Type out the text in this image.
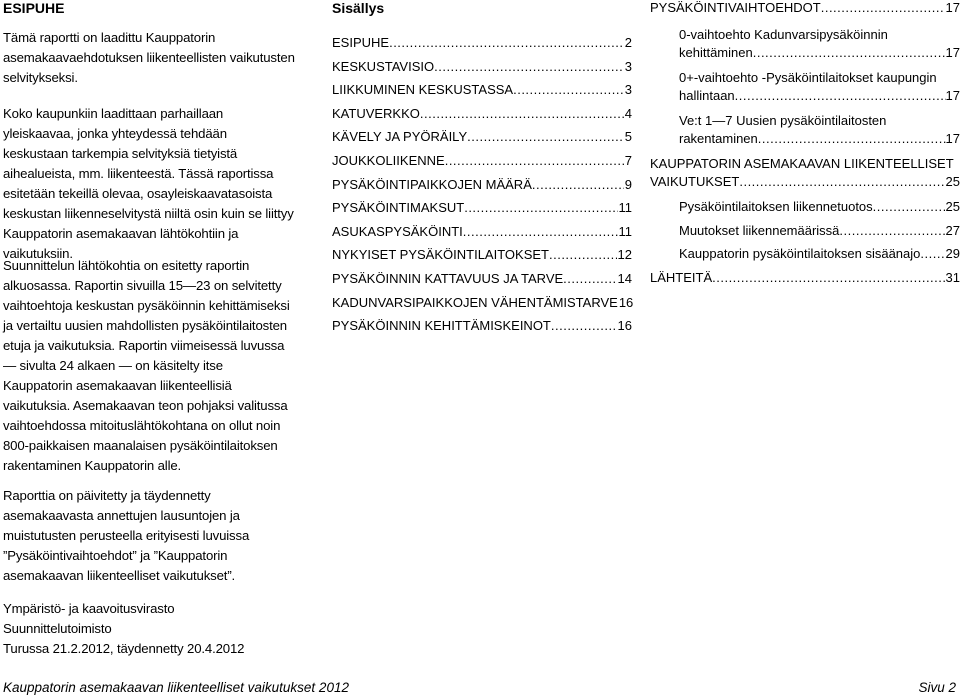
ESIPUHE

Tämä raportti on laadittu Kauppatorin asemakaavaehdotuksen liikenteellisten vaikutusten selvitykseksi.

Koko kaupunkiin laadittaan parhaillaan yleiskaavaa, jonka yhteydessä tehdään keskustaan tarkempia selvityksiä tietyistä aihealueista, mm. liikenteestä. Tässä raportissa esitetään tekeillä olevaa, osayleiskaavatasoista keskustan liikenneselvitystä niiltä osin kuin se liittyy Kauppatorin asemakaavan lähtökohtiin ja vaikutuksiin.

Suunnittelun lähtökohtia on esitetty raportin alkuosassa. Raportin sivuilla 15—23 on selvitetty vaihtoehtoja keskustan pysäköinnin kehittämiseksi ja vertailtu uusien mahdollisten pysäköintilaitosten etuja ja vaikutuksia. Raportin viimeisessä luvussa — sivulta 24 alkaen — on käsitelty itse Kauppatorin asemakaavan liikenteellisiä vaikutuksia. Asemakaavan teon pohjaksi valitussa vaihtoehdossa mitoituslähtökohtana on ollut noin 800-paikkaisen maanalaisen pysäköintilaitoksen rakentaminen Kauppatorin alle.

Raporttia on päivitetty ja täydennetty asemakaavasta annettujen lausuntojen ja muistutusten perusteella erityisesti luvuissa ”Pysäköintivaihtoehdot” ja ”Kauppatorin asemakaavan liikenteelliset vaikutukset”.

Ympäristö- ja kaavoitusvirasto

Suunnittelutoimisto

Turussa 21.2.2012, täydennetty 20.4.2012

Sisällys
ESIPUHE .....	2
KESKUSTAVISIO .....	3
LIIKKUMINEN KESKUSTASSA .....	3
KATUVERKKO .....	4
KÄVELY JA PYÖRÄILY .....	5
JOUKKOLIIKENNE .....	7
PYSÄKÖINTIPAIKKOJEN MÄÄRÄ .....	9
PYSÄKÖINTIMAKSUT .....	11
ASUKASPYSÄKÖINTI .....	11
NYKYISET PYSÄKÖINTILAITOKSET .....	12
PYSÄKÖINNIN KATTAVUUS JA TARVE .....	14
KADUNVARSIPAIKKOJEN VÄHENTÄMISTARVE 16
PYSÄKÖINNIN KEHITTÄMISKEINOT .....	16
PYSÄKÖINTIVAIHTOEHDOT .....	17
0-vaihtoehto Kadunvarsipysäköinnin
kehittäminen .....	17
0+-vaihtoehto -Pysäköintilaitokset kaupungin
hallintaan .....	17
Ve:t 1—7 Uusien pysäköintilaitosten
rakentaminen .....	17
KAUPPATORIN ASEMAKAAVAN LIIKENTEELLISET
VAIKUTUKSET .....	25
Pysäköintilaitoksen liikennetuotos .....	25
Muutokset liikennemäärissä .....	27
Kauppatorin pysäköintilaitoksen sisäänajo ..... 29
LÄHTEITÄ .....	31
Kauppatorin asemakaavan liikenteelliset vaikutukset 2012	Sivu 2
